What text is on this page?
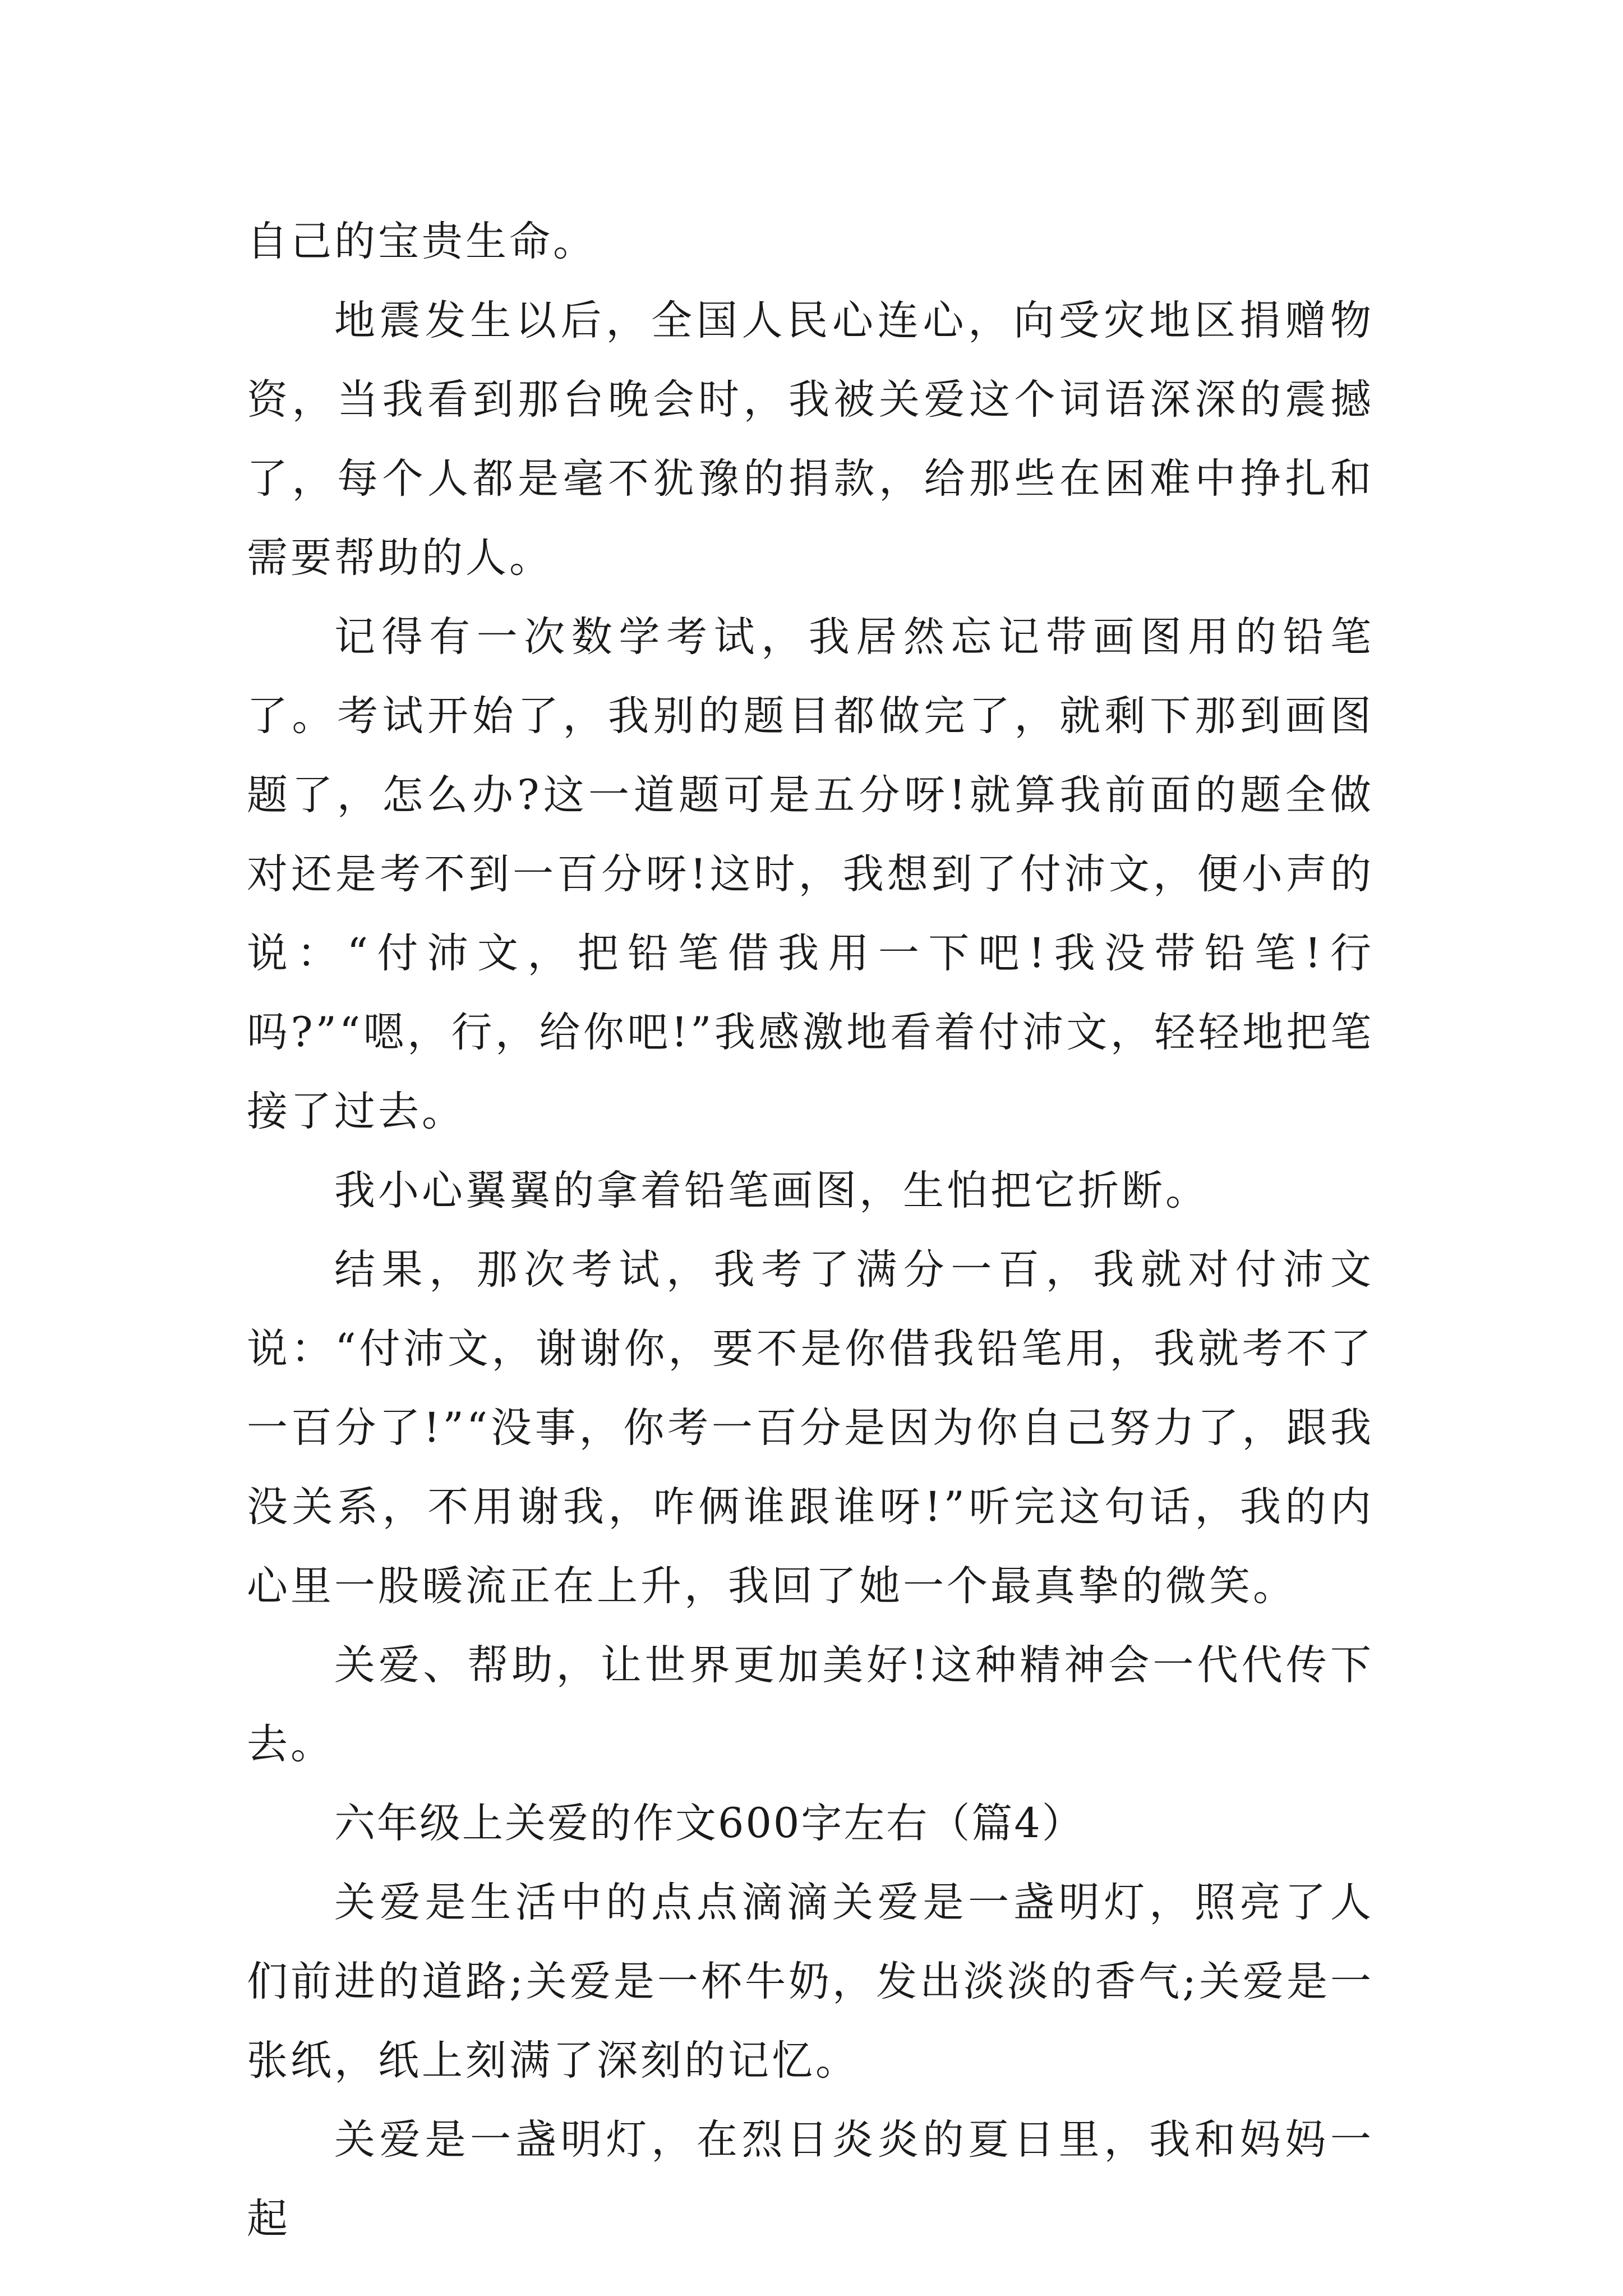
自己的宝贵生命。

地震发生以后，全国人民心连心，向受灾地区捐赠物资，当我看到那台晚会时，我被关爱这个词语深深的震撼了，每个人都是毫不犹豫的捐款，给那些在困难中挣扎和需要帮助的人。

记得有一次数学考试，我居然忘记带画图用的铅笔了。考试开始了，我别的题目都做完了，就剩下那到画图题了，怎么办?这一道题可是五分呀!就算我前面的题全做对还是考不到一百分呀!这时，我想到了付沛文，便小声的说：“付沛文，把铅笔借我用一下吧!我没带铅笔!行吗?”“嗯，行，给你吧!”我感激地看着付沛文，轻轻地把笔接了过去。

我小心翼翼的拿着铅笔画图，生怕把它折断。

结果，那次考试，我考了满分一百，我就对付沛文说：“付沛文，谢谢你，要不是你借我铅笔用，我就考不了一百分了!”“没事，你考一百分是因为你自己努力了，跟我没关系，不用谢我，咋俩谁跟谁呀!”听完这句话，我的内心里一股暖流正在上升，我回了她一个最真挚的微笑。

关爱、帮助，让世界更加美好!这种精神会一代代传下去。

六年级上关爱的作文600字左右（篇4）

关爱是生活中的点点滴滴关爱是一盏明灯，照亮了人们前进的道路;关爱是一杯牛奶，发出淡淡的香气;关爱是一张纸，纸上刻满了深刻的记忆。

关爱是一盏明灯，在烈日炎炎的夏日里，我和妈妈一起
